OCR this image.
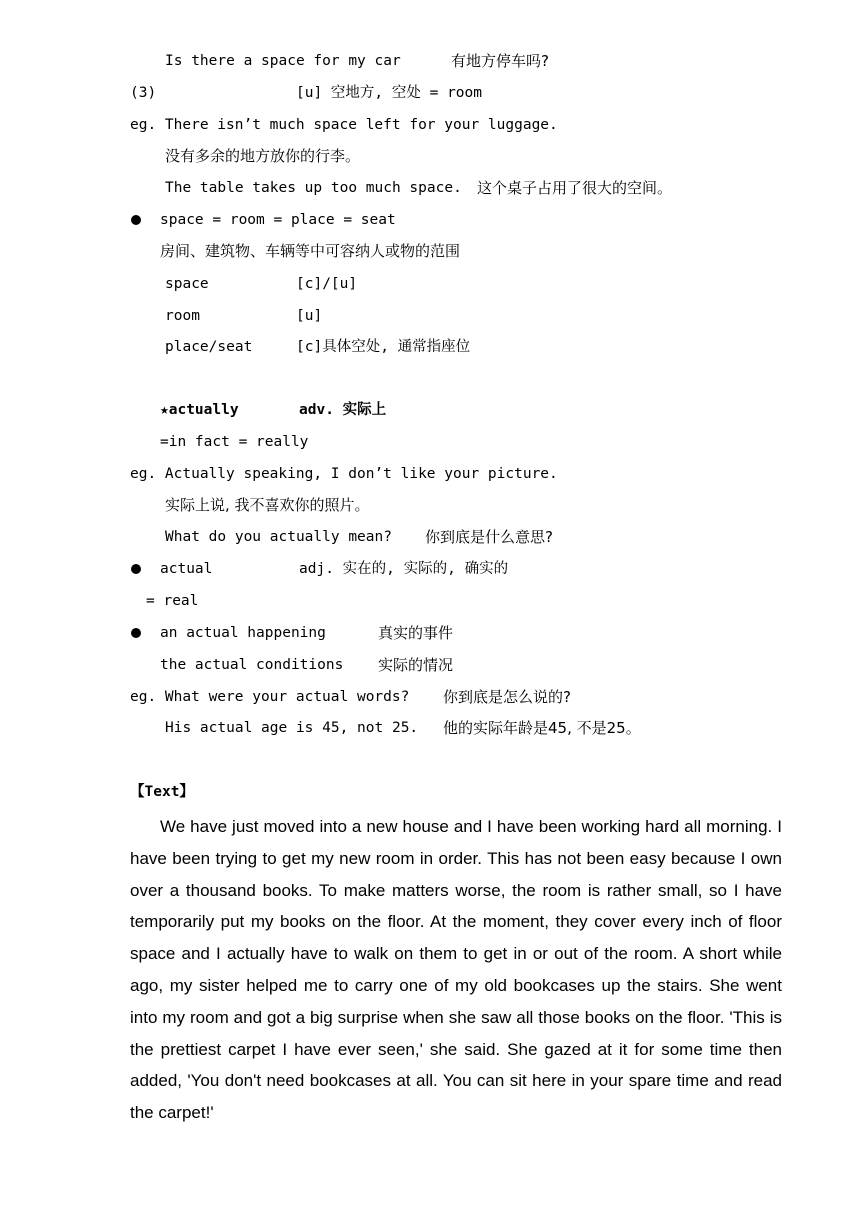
Is there a space for my car	有地方停车吗?
(3)	[u] 空地方, 空处 = room
eg. There isn’t much space left for your luggage.
没有多余的地方放你的行李。
The table takes up too much space. 这个桌子占用了很大的空间。
space = room = place = seat
房间、建筑物、车辆等中可容纳人或物的范围
space	[c]/[u]
room	[u]
place/seat	[c]具体空处, 通常指座位
★actually	adv. 实际上
=in fact = really
eg. Actually speaking, I don’t like your picture.
实际上说, 我不喜欢你的照片。
What do you actually mean? 你到底是什么意思?
actual	adj. 实在的, 实际的, 确实的
= real
an actual happening	真实的事件
the actual conditions 实际的情况
eg. What were your actual words? 你到底是怎么说的?
His actual age is 45, not 25. 他的实际年龄是45, 不是25。
【Text】
We have just moved into a new house and I have been working hard all morning. I have been trying to get my new room in order. This has not been easy because I own over a thousand books. To make matters worse, the room is rather small, so I have temporarily put my books on the floor. At the moment, they cover every inch of floor space and I actually have to walk on them to get in or out of the room. A short while ago, my sister helped me to carry one of my old bookcases up the stairs. She went into my room and got a big surprise when she saw all those books on the floor. 'This is the prettiest carpet I have ever seen,' she said. She gazed at it for some time then added, 'You don't need bookcases at all. You can sit here in your spare time and read the carpet!'
